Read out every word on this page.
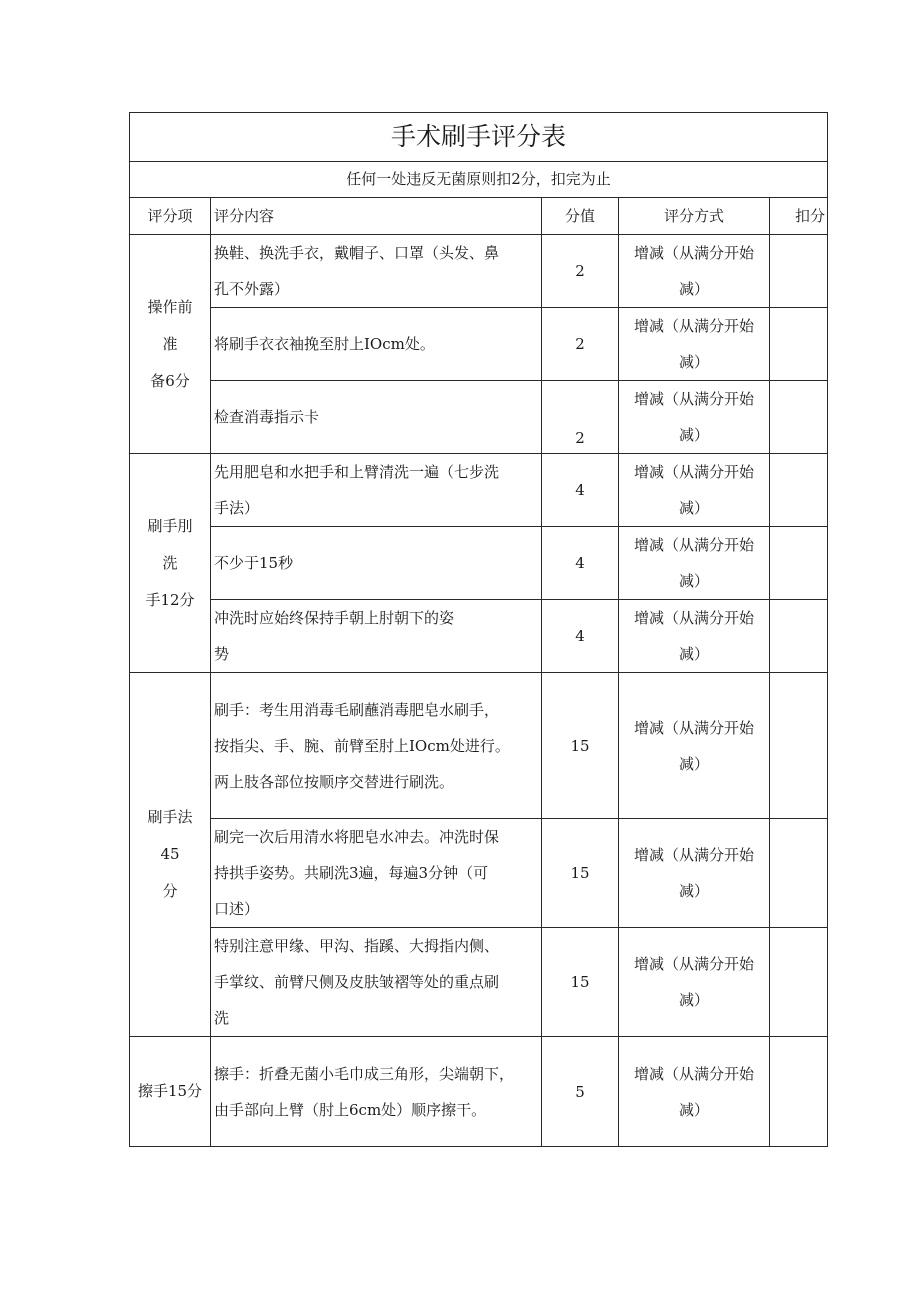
手术刷手评分表				
任何一处违反无菌原则扣2分，扣完为止				
评分项	评分内容	分值	评分方式	扣分
操作前
准
备6分	换鞋、换洗手衣，戴帽子、口罩（头发、鼻
孔不外露）	2	增减（从满分开始
减）	
	将刷手衣衣袖挽至肘上IOcm处。	2	增减（从满分开始
减）	
	检查消毒指示卡	2	增减（从满分开始
减）	
刷手刖
洗
手12分	先用肥皂和水把手和上臂清洗一遍（七步洗
手法）	4	增减（从满分开始
减）	
	不少于15秒	4	增减（从满分开始
减）	
	冲洗时应始终保持手朝上肘朝下的姿
势	4	增减（从满分开始
减）	
刷手法
45
分	刷手：考生用消毒毛刷蘸消毒肥皂水刷手，
按指尖、手、腕、前臂至肘上IOcm处进行。
两上肢各部位按顺序交替进行刷洗。	15	增减（从满分开始
减）	
	刷完一次后用清水将肥皂水冲去。冲洗时保
持拱手姿势。共刷洗3遍，每遍3分钟（可
口述）	15	增减（从满分开始
减）	
	特别注意甲缘、甲沟、指蹊、大拇指内侧、
手掌纹、前臂尺侧及皮肤皱褶等处的重点刷
洗	15	增减（从满分开始
减）	
擦手15分	擦手：折叠无菌小毛巾成三角形，尖端朝下，
由手部向上臂（肘上6cm处）顺序擦干。	5	增减（从满分开始
减）	
